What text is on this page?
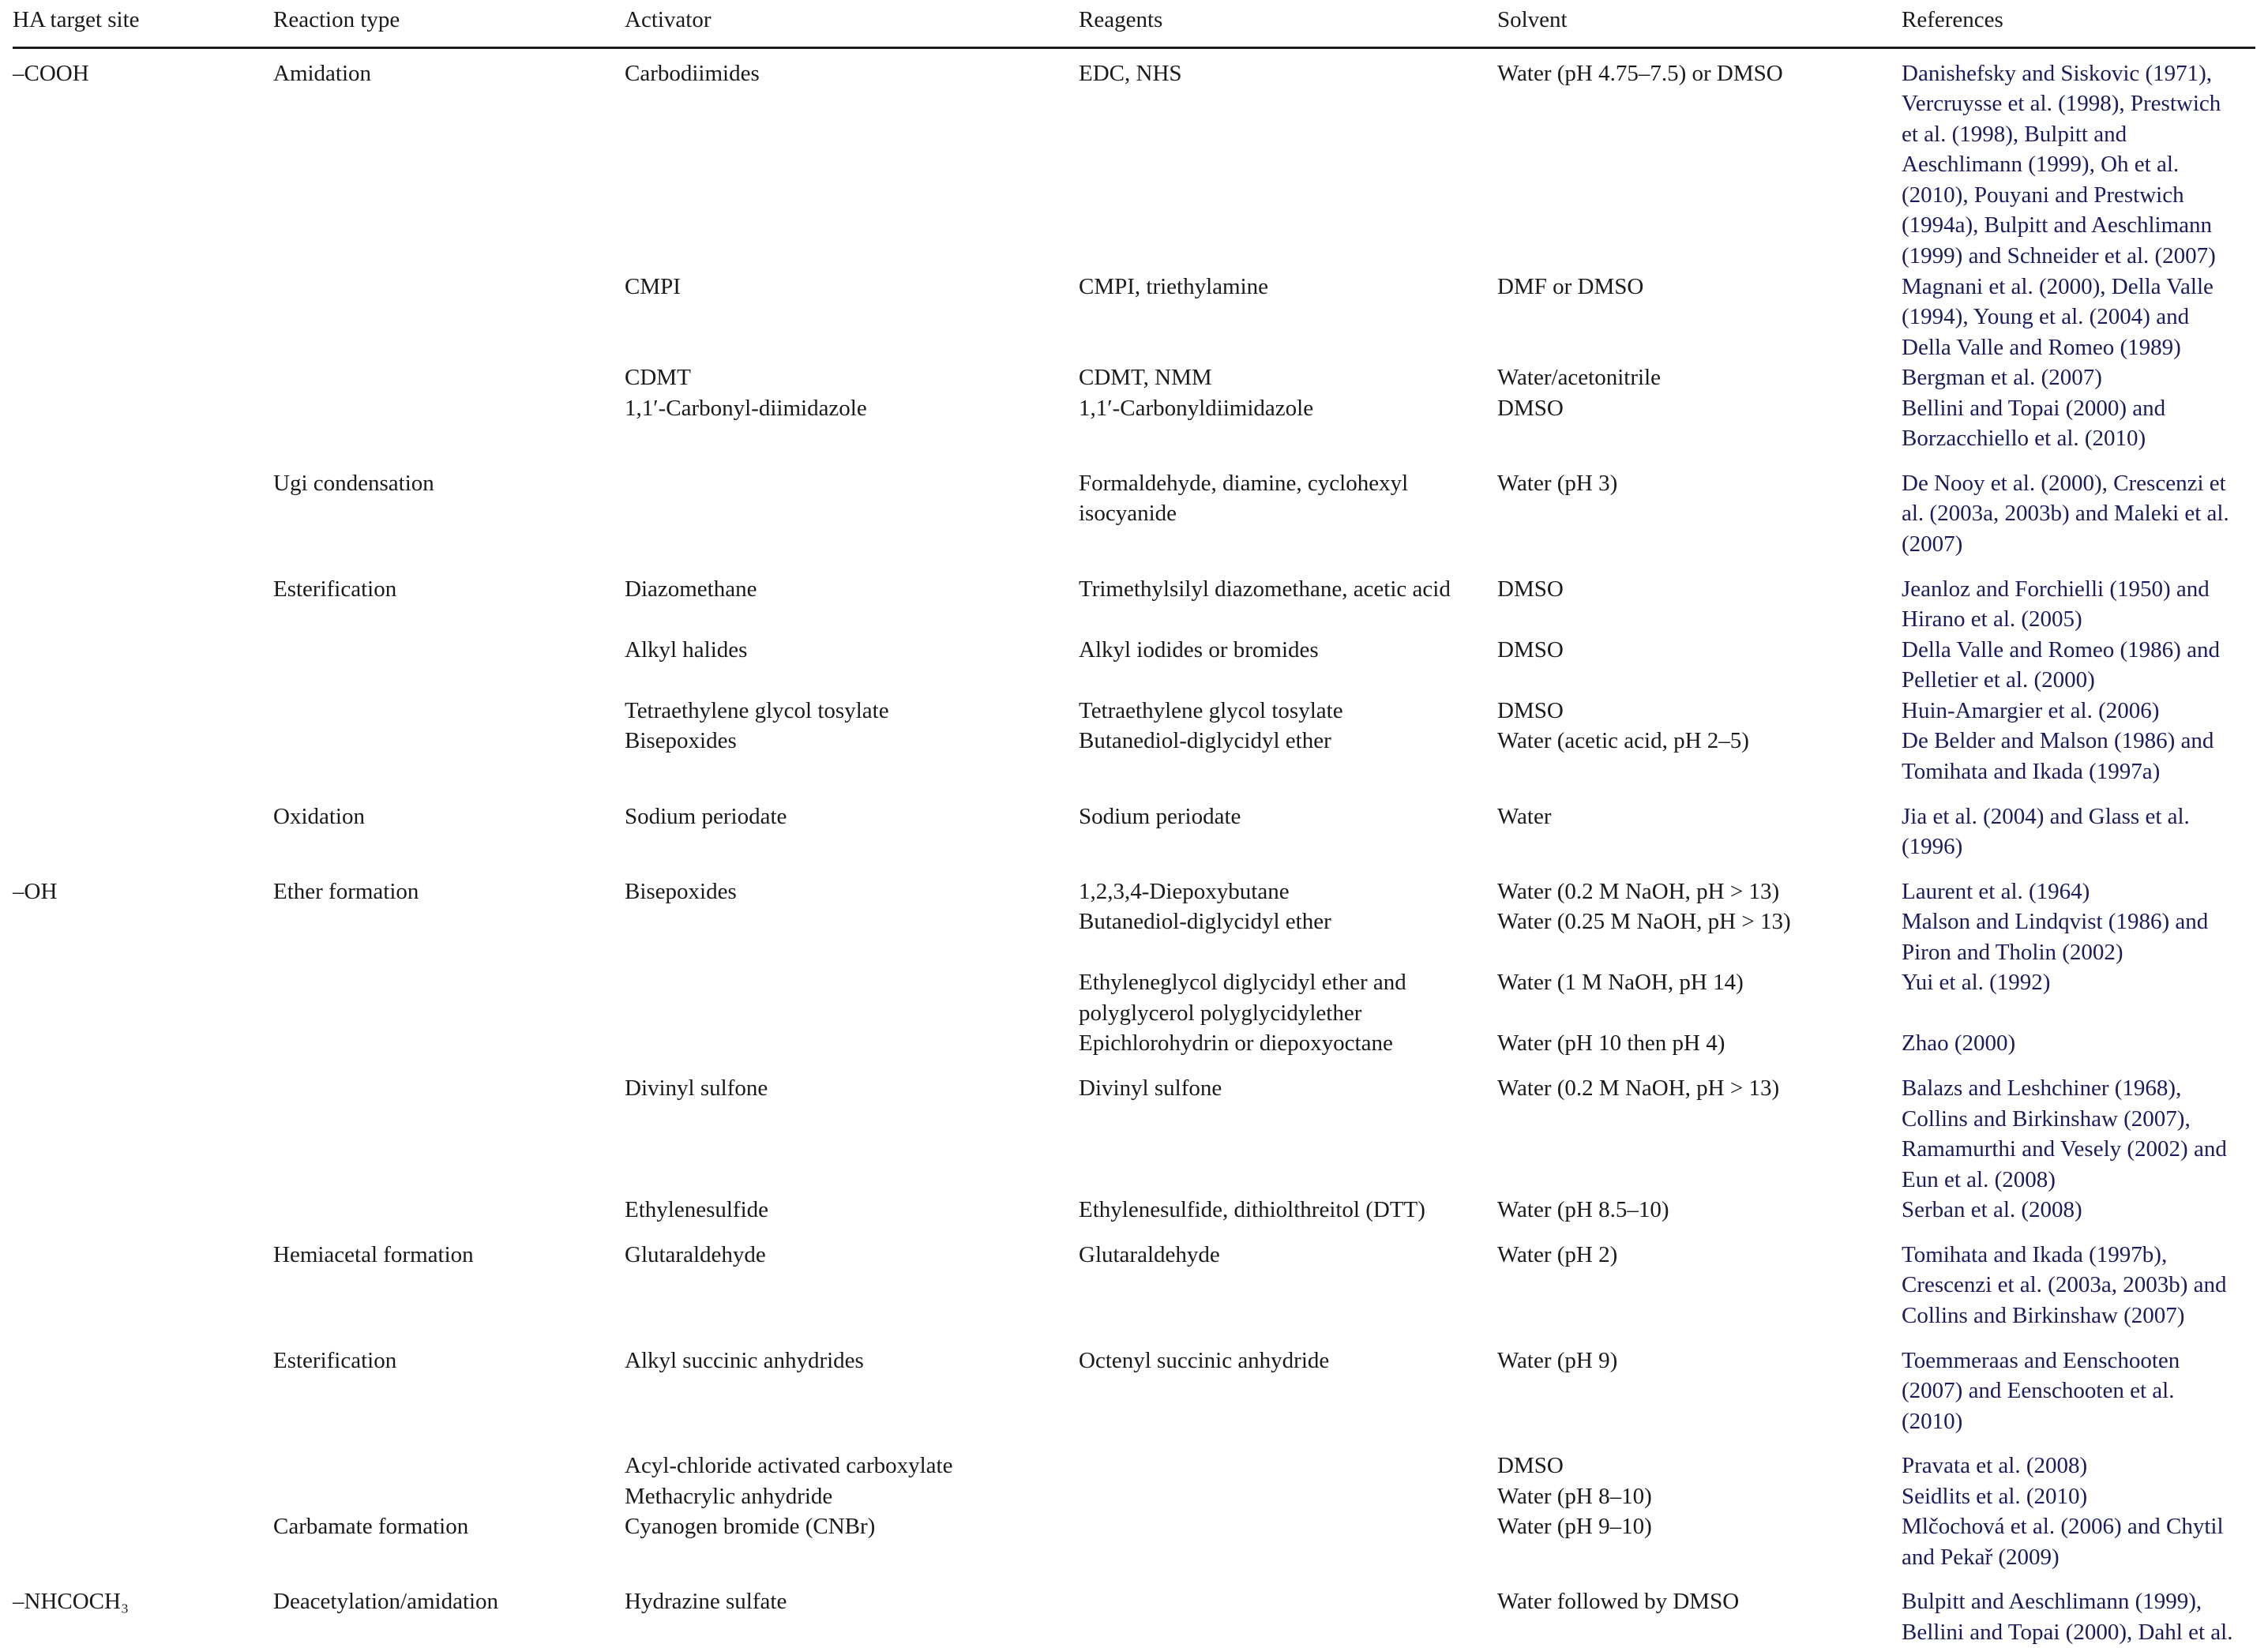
HA target site	Reaction type	Activator	Reagents	Solvent	References
–COOH	Amidation	Carbodiimides	EDC, NHS	Water (pH 4.75–7.5) or DMSO	Danishefsky and Siskovic (1971), Vercruysse et al. (1998), Prestwich et al. (1998), Bulpitt and Aeschlimann (1999), Oh et al. (2010), Pouyani and Prestwich (1994a), Bulpitt and Aeschlimann (1999) and Schneider et al. (2007)
		CMPI	CMPI, triethylamine	DMF or DMSO	Magnani et al. (2000), Della Valle (1994), Young et al. (2004) and Della Valle and Romeo (1989)
		CDMT	CDMT, NMM	Water/acetonitrile	Bergman et al. (2007)
		1,1′-Carbonyl-diimidazole	1,1′-Carbonyldiimidazole	DMSO	Bellini and Topai (2000) and Borzacchiello et al. (2010)
	Ugi condensation		Formaldehyde, diamine, cyclohexyl isocyanide	Water (pH 3)	De Nooy et al. (2000), Crescenzi et al. (2003a, 2003b) and Maleki et al. (2007)
	Esterification	Diazomethane	Trimethylsilyl diazomethane, acetic acid	DMSO	Jeanloz and Forchielli (1950) and Hirano et al. (2005)
		Alkyl halides	Alkyl iodides or bromides	DMSO	Della Valle and Romeo (1986) and Pelletier et al. (2000)
		Tetraethylene glycol tosylate	Tetraethylene glycol tosylate	DMSO	Huin-Amargier et al. (2006)
		Bisepoxides	Butanediol-diglycidyl ether	Water (acetic acid, pH 2–5)	De Belder and Malson (1986) and Tomihata and Ikada (1997a)
	Oxidation	Sodium periodate	Sodium periodate	Water	Jia et al. (2004) and Glass et al. (1996)
–OH	Ether formation	Bisepoxides	1,2,3,4-Diepoxybutane	Water (0.2 M NaOH, pH > 13)	Laurent et al. (1964)
			Butanediol-diglycidyl ether	Water (0.25 M NaOH, pH > 13)	Malson and Lindqvist (1986) and Piron and Tholin (2002)
			Ethyleneglycol diglycidyl ether and polyglycerol polyglycidylether	Water (1 M NaOH, pH 14)	Yui et al. (1992)
			Epichlorohydrin or diepoxyoctane	Water (pH 10 then pH 4)	Zhao (2000)
		Divinyl sulfone	Divinyl sulfone	Water (0.2 M NaOH, pH > 13)	Balazs and Leshchiner (1968), Collins and Birkinshaw (2007), Ramamurthi and Vesely (2002) and Eun et al. (2008)
		Ethylenesulfide	Ethylenesulfide, dithiolthreitol (DTT)	Water (pH 8.5–10)	Serban et al. (2008)
	Hemiacetal formation	Glutaraldehyde	Glutaraldehyde	Water (pH 2)	Tomihata and Ikada (1997b), Crescenzi et al. (2003a, 2003b) and Collins and Birkinshaw (2007)
	Esterification	Alkyl succinic anhydrides	Octenyl succinic anhydride	Water (pH 9)	Toemmeraas and Eenschooten (2007) and Eenschooten et al. (2010)
		Acyl-chloride activated carboxylate		DMSO	Pravata et al. (2008)
		Methacrylic anhydride		Water (pH 8–10)	Seidlits et al. (2010)
	Carbamate formation	Cyanogen bromide (CNBr)		Water (pH 9–10)	Mlčochová et al. (2006) and Chytil and Pekař (2009)
–NHCOCH₃	Deacetylation/amidation	Hydrazine sulfate		Water followed by DMSO	Bulpitt and Aeschlimann (1999), Bellini and Topai (2000), Dahl et al.
